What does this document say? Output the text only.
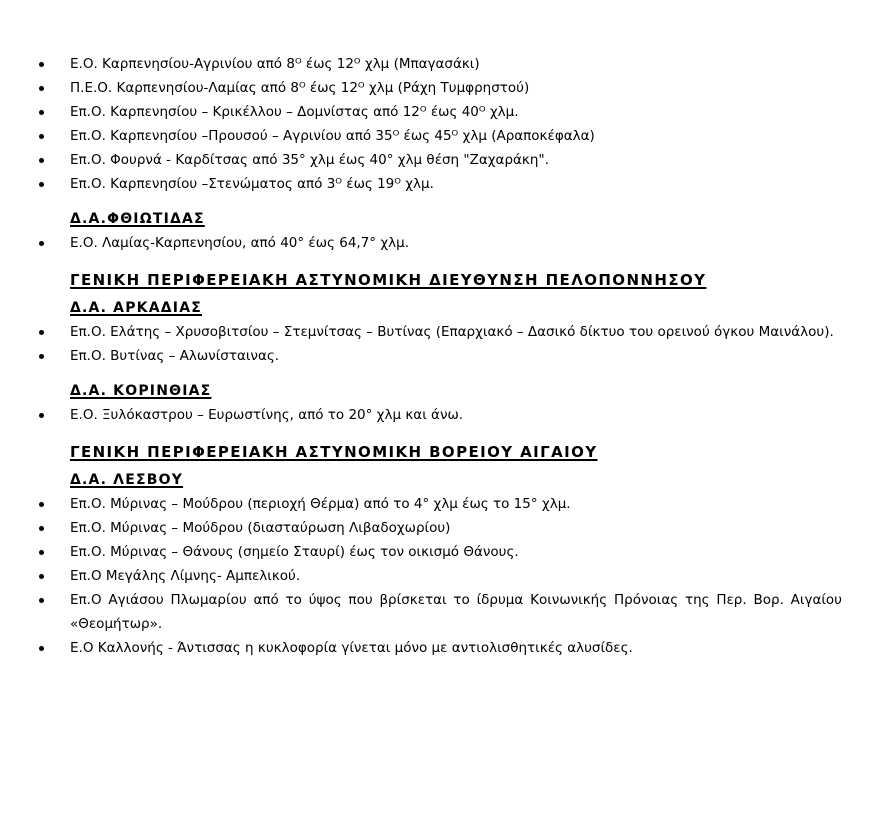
Ε.Ο. Καρπενησίου-Αγρινίου από 8ᴼ έως 12ᴼ χλμ (Μπαγασάκι)
Π.Ε.Ο. Καρπενησίου-Λαμίας από 8ᴼ έως 12ᴼ χλμ (Ράχη Τυμφρηστού)
Επ.Ο. Καρπενησίου – Κρικέλλου – Δομνίστας από 12ᴼ έως 40ᴼ χλμ.
Επ.Ο. Καρπενησίου –Προυσού – Αγρινίου από 35ᴼ έως 45ᴼ χλμ (Αραποκέφαλα)
Επ.Ο. Φουρνά - Καρδίτσας από 35° χλμ έως 40° χλμ θέση "Ζαχαράκη".
Επ.Ο. Καρπενησίου –Στενώματος από 3ᴼ έως 19ᴼ χλμ.
Δ.Α.ΦΘΙΩΤΙΔΑΣ
Ε.Ο. Λαμίας-Καρπενησίου, από 40° έως 64,7° χλμ.
ΓΕΝΙΚΗ ΠΕΡΙΦΕΡΕΙΑΚΗ ΑΣΤΥΝΟΜΙΚΗ ΔΙΕΥΘΥΝΣΗ ΠΕΛΟΠΟΝΝΗΣΟΥ
Δ.Α. ΑΡΚΑΔΙΑΣ
Επ.Ο. Ελάτης – Χρυσοβιτσίου – Στεμνίτσας – Βυτίνας (Επαρχιακό – Δασικό δίκτυο του ορεινού όγκου Μαινάλου).
Επ.Ο. Βυτίνας – Αλωνίσταινας.
Δ.Α. ΚΟΡΙΝΘΙΑΣ
Ε.Ο. Ξυλόκαστρου – Ευρωστίνης, από το 20° χλμ και άνω.
ΓΕΝΙΚΗ ΠΕΡΙΦΕΡΕΙΑΚΗ ΑΣΤΥΝΟΜΙΚΗ ΒΟΡΕΙΟΥ ΑΙΓΑΙΟΥ
Δ.Α. ΛΕΣΒΟΥ
Επ.Ο. Μύρινας – Μούδρου (περιοχή Θέρμα) από το 4° χλμ έως το 15° χλμ.
Επ.Ο. Μύρινας – Μούδρου (διασταύρωση Λιβαδοχωρίου)
Επ.Ο. Μύρινας – Θάνους (σημείο Σταυρί) έως τον οικισμό Θάνους.
Επ.Ο Μεγάλης Λίμνης- Αμπελικού.
Επ.Ο Αγιάσου Πλωμαρίου από το ύψος που βρίσκεται το ίδρυμα Κοινωνικής Πρόνοιας της Περ. Βορ. Αιγαίου «Θεομήτωρ».
Ε.Ο Καλλονής - Άντισσας η κυκλοφορία γίνεται μόνο με αντιολισθητικές αλυσίδες.
